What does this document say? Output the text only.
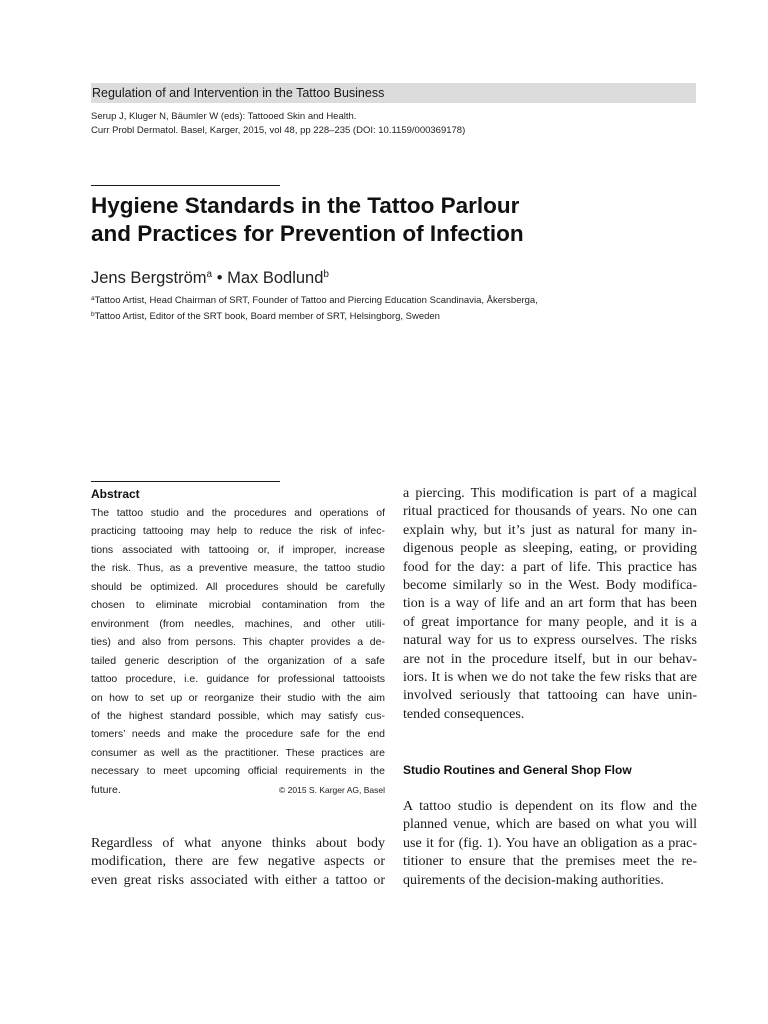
Regulation of and Intervention in the Tattoo Business
Serup J, Kluger N, Bäumler W (eds): Tattooed Skin and Health.
Curr Probl Dermatol. Basel, Karger, 2015, vol 48, pp 228–235 (DOI: 10.1159/000369178)
Hygiene Standards in the Tattoo Parlour
and Practices for Prevention of Infection
Jens Bergström$^a$ • Max Bodlund$^b$
$^a$Tattoo Artist, Head Chairman of SRT, Founder of Tattoo and Piercing Education Scandinavia, Åkersberga,
$^b$Tattoo Artist, Editor of the SRT book, Board member of SRT, Helsingborg, Sweden
Abstract
The tattoo studio and the procedures and operations of
practicing tattooing may help to reduce the risk of infec-
tions associated with tattooing or, if improper, increase
the risk. Thus, as a preventive measure, the tattoo studio
should be optimized. All procedures should be carefully
chosen to eliminate microbial contamination from the
environment (from needles, machines, and other utili-
ties) and also from persons. This chapter provides a de-
tailed generic description of the organization of a safe
tattoo procedure, i.e. guidance for professional tattooists
on how to set up or reorganize their studio with the aim
of the highest standard possible, which may satisfy cus-
tomers’ needs and make the procedure safe for the end
consumer as well as the practitioner. These practices are
necessary to meet upcoming official requirements in the
future.	© 2015 S. Karger AG, Basel
Regardless of what anyone thinks about body
modification, there are few negative aspects or
even great risks associated with either a tattoo or
a piercing. This modification is part of a magical
ritual practiced for thousands of years. No one can
explain why, but it’s just as natural for many in-
digenous people as sleeping, eating, or providing
food for the day: a part of life. This practice has
become similarly so in the West. Body modifica-
tion is a way of life and an art form that has been
of great importance for many people, and it is a
natural way for us to express ourselves. The risks
are not in the procedure itself, but in our behav-
iors. It is when we do not take the few risks that are
involved seriously that tattooing can have unin-
tended consequences.
Studio Routines and General Shop Flow
A tattoo studio is dependent on its flow and the
planned venue, which are based on what you will
use it for (fig. 1). You have an obligation as a prac-
titioner to ensure that the premises meet the re-
quirements of the decision-making authorities.
